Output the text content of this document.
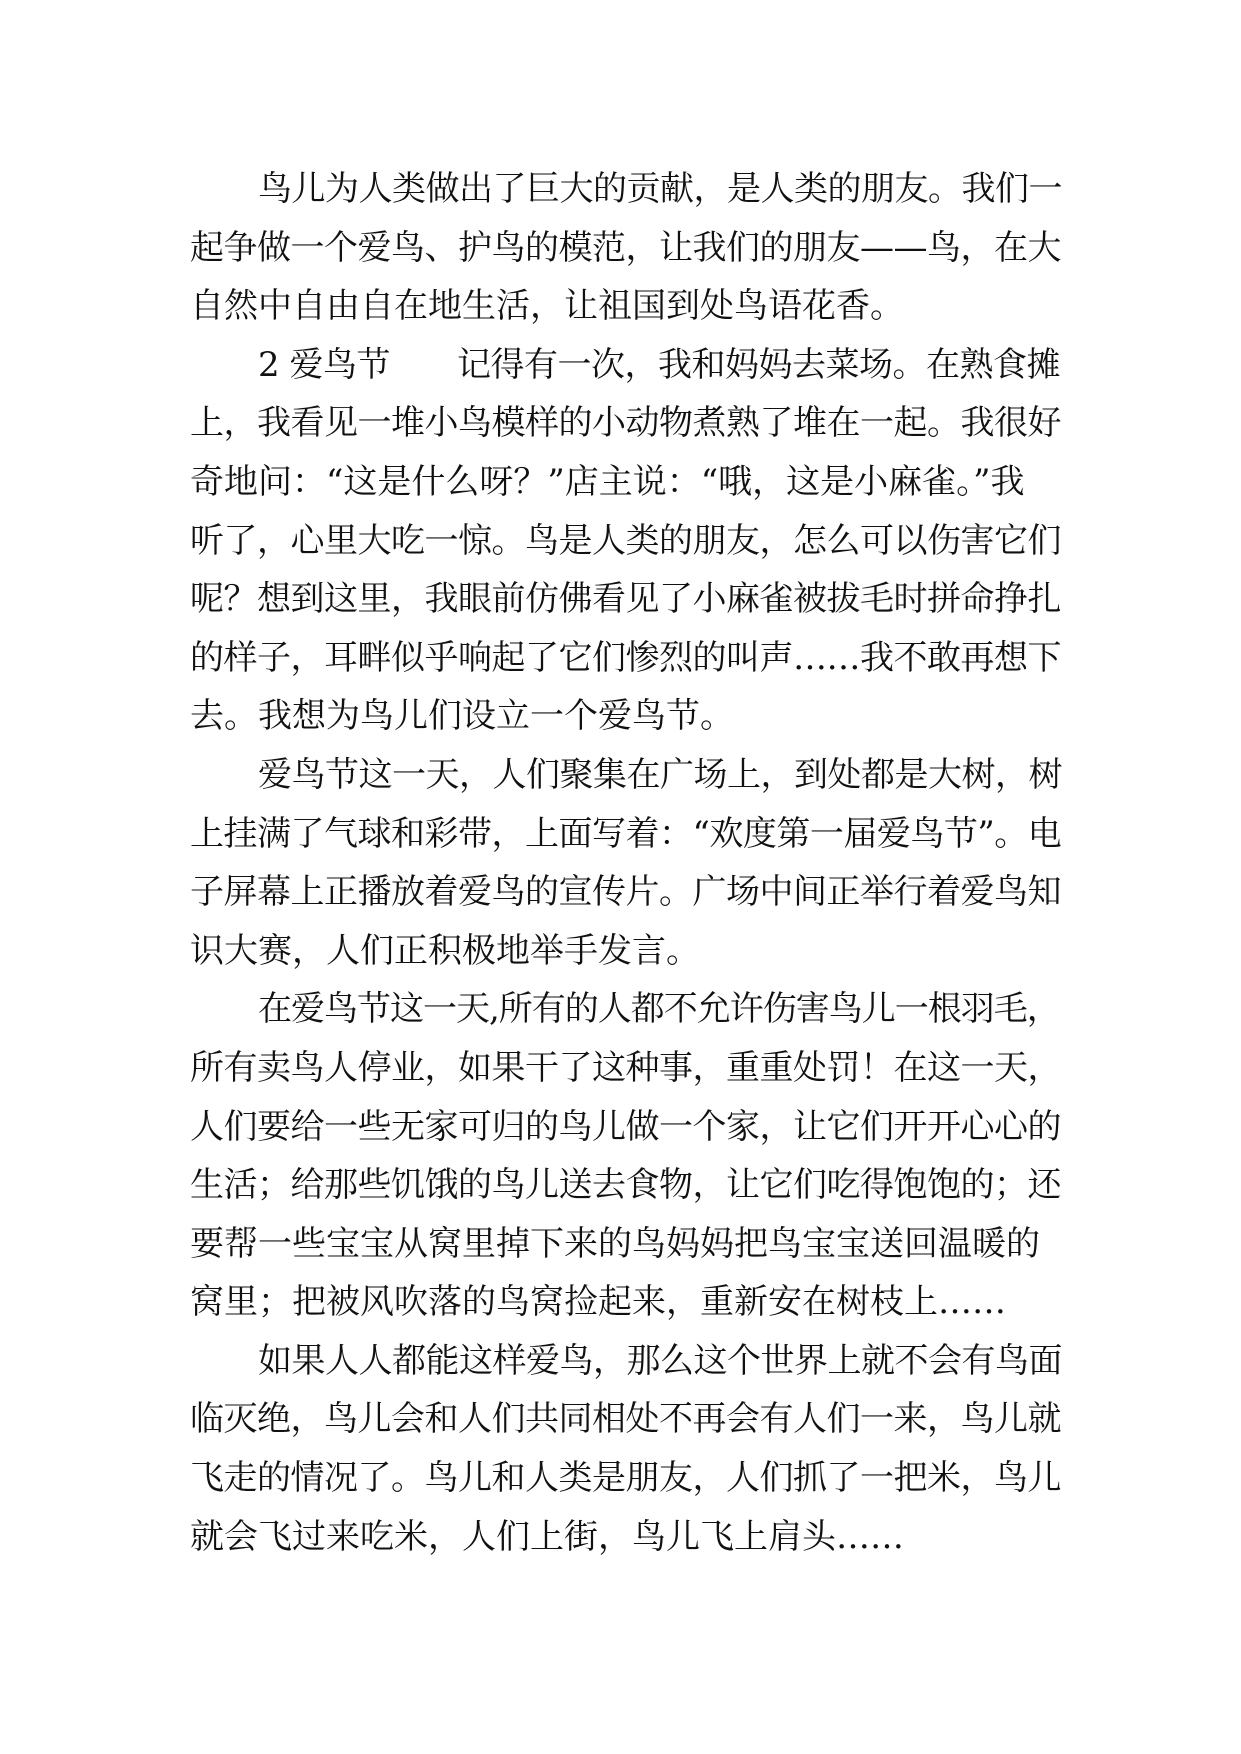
鸟儿为人类做出了巨大的贡献，是人类的朋友。我们一
起争做一个爱鸟、护鸟的模范，让我们的朋友——鸟，在大
自然中自由自在地生活，让祖国到处鸟语花香。
2 爱鸟节　　记得有一次，我和妈妈去菜场。在熟食摊
上，我看见一堆小鸟模样的小动物煮熟了堆在一起。我很好
奇地问：“这是什么呀？”店主说：“哦，这是小麻雀。”我
听了，心里大吃一惊。鸟是人类的朋友，怎么可以伤害它们
呢？想到这里，我眼前仿佛看见了小麻雀被拔毛时拼命挣扎
的样子，耳畔似乎响起了它们惨烈的叫声……我不敢再想下
去。我想为鸟儿们设立一个爱鸟节。
爱鸟节这一天，人们聚集在广场上，到处都是大树，树
上挂满了气球和彩带，上面写着：“欢度第一届爱鸟节”。电
子屏幕上正播放着爱鸟的宣传片。广场中间正举行着爱鸟知
识大赛，人们正积极地举手发言。
在爱鸟节这一天,所有的人都不允许伤害鸟儿一根羽毛，
所有卖鸟人停业，如果干了这种事，重重处罚！在这一天，
人们要给一些无家可归的鸟儿做一个家，让它们开开心心的
生活；给那些饥饿的鸟儿送去食物，让它们吃得饱饱的；还
要帮一些宝宝从窝里掉下来的鸟妈妈把鸟宝宝送回温暖的
窝里；把被风吹落的鸟窝捡起来，重新安在树枝上……
如果人人都能这样爱鸟，那么这个世界上就不会有鸟面
临灭绝，鸟儿会和人们共同相处不再会有人们一来，鸟儿就
飞走的情况了。鸟儿和人类是朋友，人们抓了一把米，鸟儿
就会飞过来吃米，人们上街，鸟儿飞上肩头……
